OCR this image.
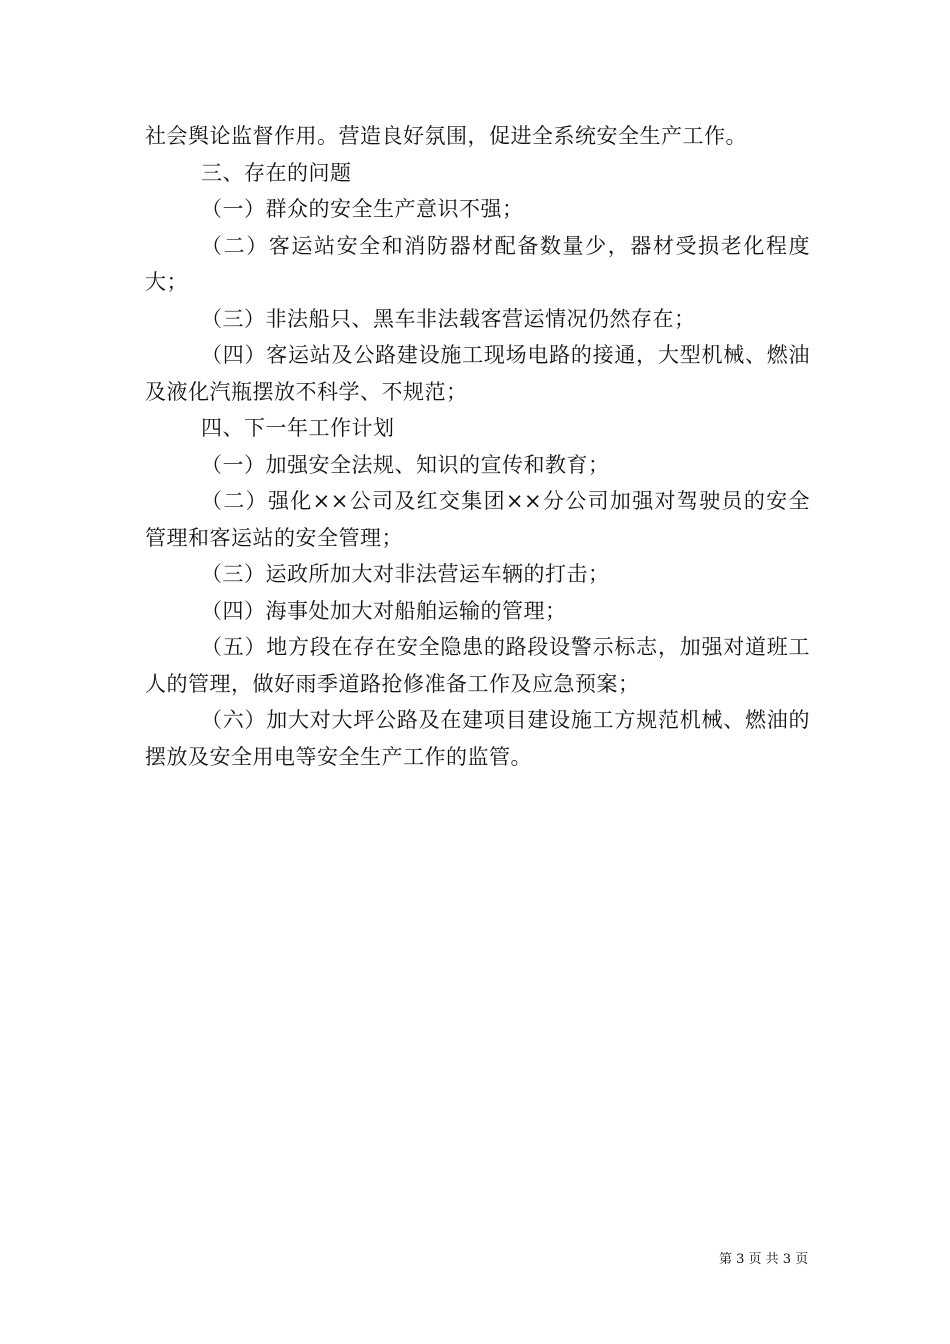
社会舆论监督作用。营造良好氛围，促进全系统安全生产工作。

三、存在的问题

（一）群众的安全生产意识不强；

（二）客运站安全和消防器材配备数量少，器材受损老化程度大；

（三）非法船只、黑车非法载客营运情况仍然存在；

（四）客运站及公路建设施工现场电路的接通，大型机械、燃油及液化汽瓶摆放不科学、不规范；

四、下一年工作计划

（一）加强安全法规、知识的宣传和教育；

（二）强化××公司及红交集团××分公司加强对驾驶员的安全管理和客运站的安全管理；

（三）运政所加大对非法营运车辆的打击；

（四）海事处加大对船舶运输的管理；

（五）地方段在存在安全隐患的路段设警示标志，加强对道班工人的管理，做好雨季道路抢修准备工作及应急预案；

（六）加大对大坪公路及在建项目建设施工方规范机械、燃油的摆放及安全用电等安全生产工作的监管。

第 3 页 共 3 页
